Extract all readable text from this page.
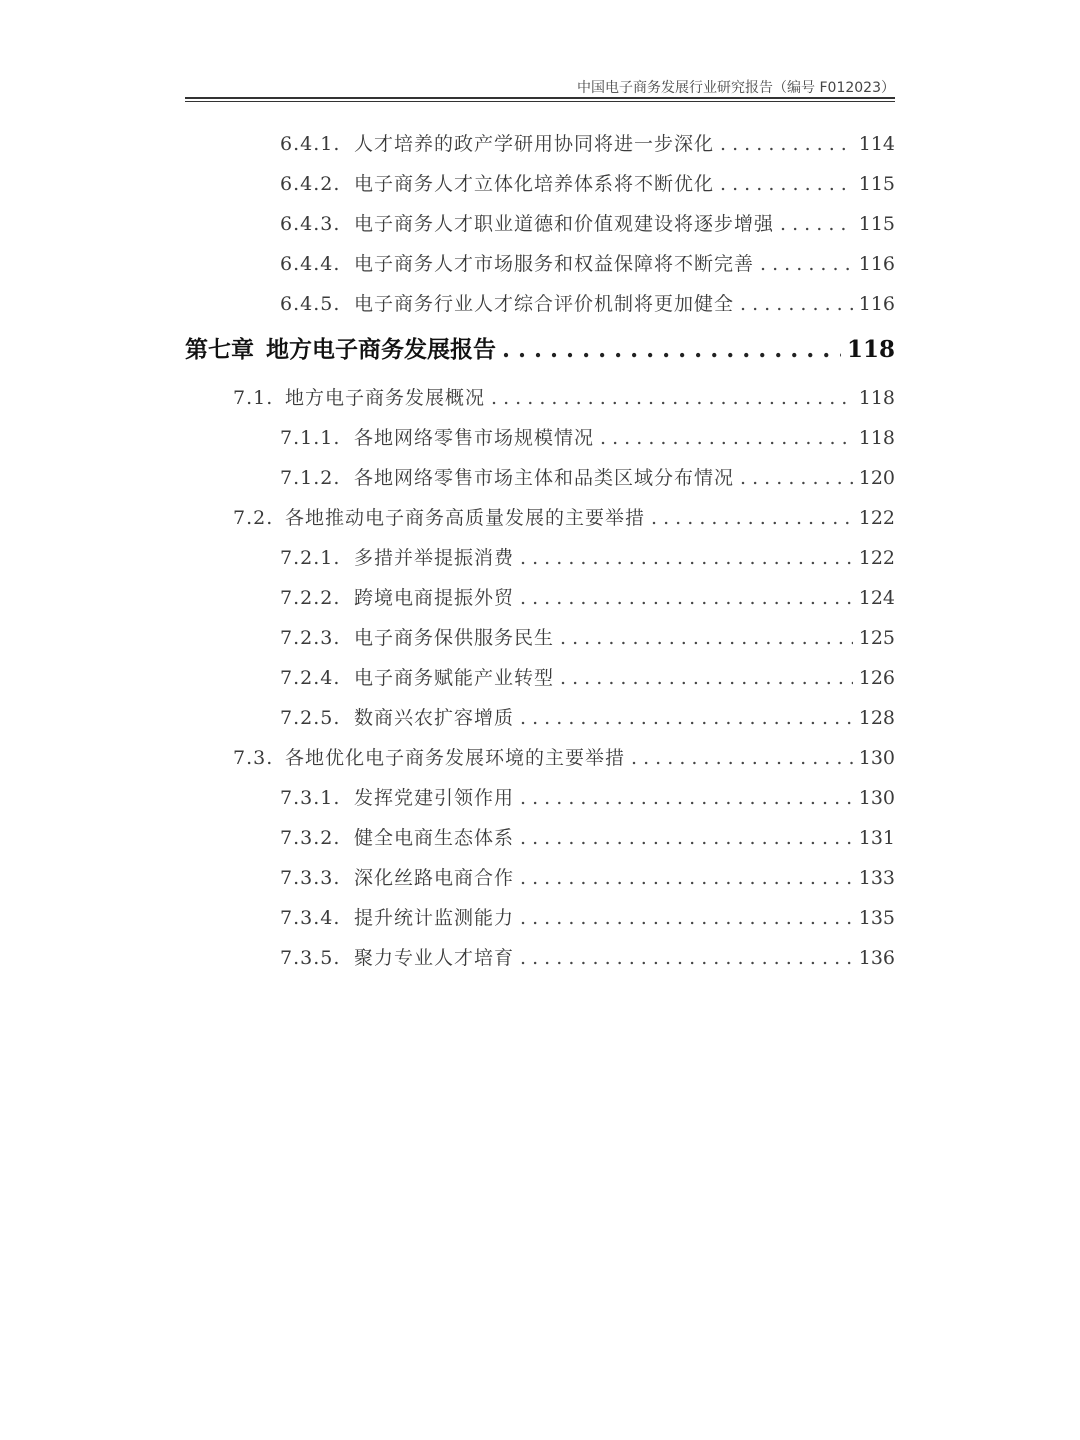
中国电子商务发展行业研究报告（编号 F012023）
6.4.1. 人才培养的政产学研用协同将进一步深化 . . .	114
6.4.2. 电子商务人才立体化培养体系将不断优化 . . .	115
6.4.3. 电子商务人才职业道德和价值观建设将逐步增强 . . .	115
6.4.4. 电子商务人才市场服务和权益保障将不断完善 . . .	116
6.4.5. 电子商务行业人才综合评价机制将更加健全 . . .	116
第七章 地方电子商务发展报告 . . .	118
7.1. 地方电子商务发展概况 . . .	118
7.1.1. 各地网络零售市场规模情况 . . .	118
7.1.2. 各地网络零售市场主体和品类区域分布情况 . . .	120
7.2. 各地推动电子商务高质量发展的主要举措 . . .	122
7.2.1. 多措并举提振消费 . . .	122
7.2.2. 跨境电商提振外贸 . . .	124
7.2.3. 电子商务保供服务民生 . . .	125
7.2.4. 电子商务赋能产业转型 . . .	126
7.2.5. 数商兴农扩容增质 . . .	128
7.3. 各地优化电子商务发展环境的主要举措 . . .	130
7.3.1. 发挥党建引领作用 . . .	130
7.3.2. 健全电商生态体系 . . .	131
7.3.3. 深化丝路电商合作 . . .	133
7.3.4. 提升统计监测能力 . . .	135
7.3.5. 聚力专业人才培育 . . .	136
